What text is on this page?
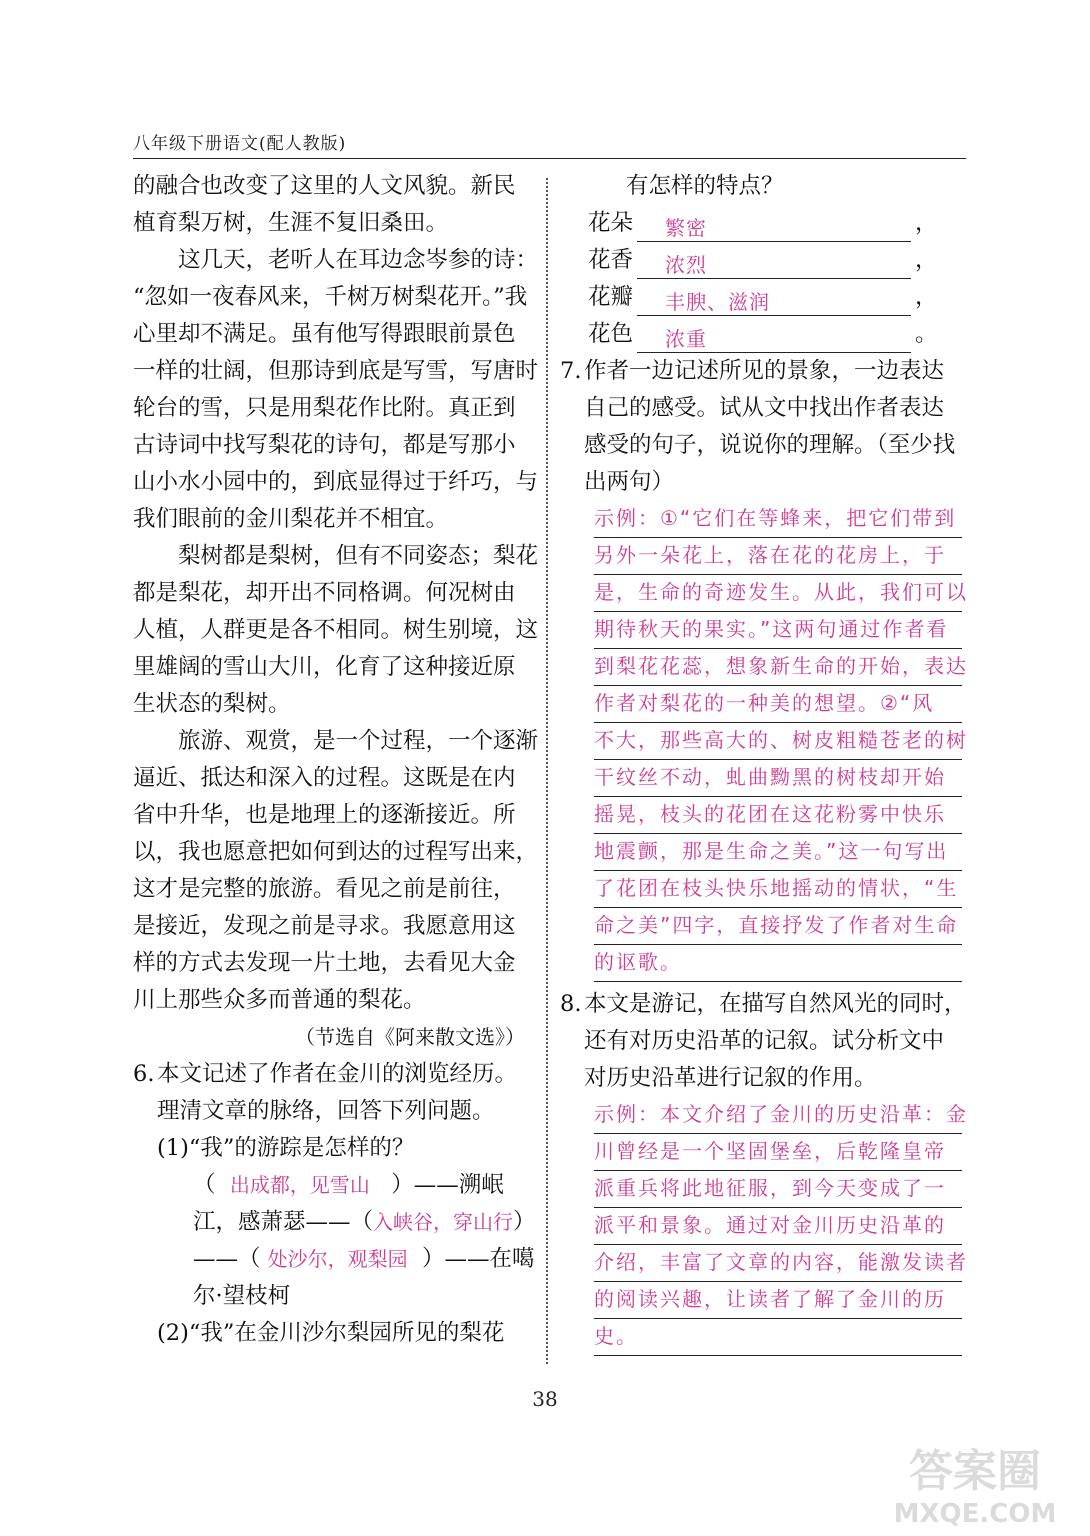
八年级下册语文(配人教版)
的融合也改变了这里的人文风貌。新民
植育梨万树，生涯不复旧桑田。
这几天，老听人在耳边念岑参的诗：
“忽如一夜春风来，千树万树梨花开。”我
心里却不满足。虽有他写得跟眼前景色
一样的壮阔，但那诗到底是写雪，写唐时
轮台的雪，只是用梨花作比附。真正到
古诗词中找写梨花的诗句，都是写那小
山小水小园中的，到底显得过于纤巧，与
我们眼前的金川梨花并不相宜。
梨树都是梨树，但有不同姿态；梨花
都是梨花，却开出不同格调。何况树由
人植，人群更是各不相同。树生别境，这
里雄阔的雪山大川，化育了这种接近原
生状态的梨树。
旅游、观赏，是一个过程，一个逐渐
逼近、抵达和深入的过程。这既是在内
省中升华，也是地理上的逐渐接近。所
以，我也愿意把如何到达的过程写出来，
这才是完整的旅游。看见之前是前往，
是接近，发现之前是寻求。我愿意用这
样的方式去发现一片土地，去看见大金
川上那些众多而普通的梨花。
（节选自《阿来散文选》）
6. 本文记述了作者在金川的浏览经历。
理清文章的脉络，回答下列问题。
(1)“我”的游踪是怎样的？
（ 出成都，见雪山 ）——溯岷
江，感萧瑟——（入峡谷，穿山行）
——（ 处沙尔，观梨园 ）——在噶
尔·望枝柯
(2)“我”在金川沙尔梨园所见的梨花
有怎样的特点？
花朵	繁密	，
花香	浓烈	，
花瓣	丰腴、滋润	，
花色	浓重	。
7. 作者一边记述所见的景象，一边表达
自己的感受。试从文中找出作者表达
感受的句子，说说你的理解。（至少找
出两句）
示例：①“它们在等蜂来，把它们带到
另外一朵花上，落在花的花房上，于
是，生命的奇迹发生。从此，我们可以
期待秋天的果实。”这两句通过作者看
到梨花花蕊，想象新生命的开始，表达
作者对梨花的一种美的想望。②“风
不大，那些高大的、树皮粗糙苍老的树
干纹丝不动，虬曲黝黑的树枝却开始
摇晃，枝头的花团在这花粉雾中快乐
地震颤，那是生命之美。”这一句写出
了花团在枝头快乐地摇动的情状，“生
命之美”四字，直接抒发了作者对生命
的讴歌。
8. 本文是游记，在描写自然风光的同时，
还有对历史沿革的记叙。试分析文中
对历史沿革进行记叙的作用。
示例：本文介绍了金川的历史沿革：金
川曾经是一个坚固堡垒，后乾隆皇帝
派重兵将此地征服，到今天变成了一
派平和景象。通过对金川历史沿革的
介绍，丰富了文章的内容，能激发读者
的阅读兴趣，让读者了解了金川的历
史。
38
答案圈
MXQE.COM
